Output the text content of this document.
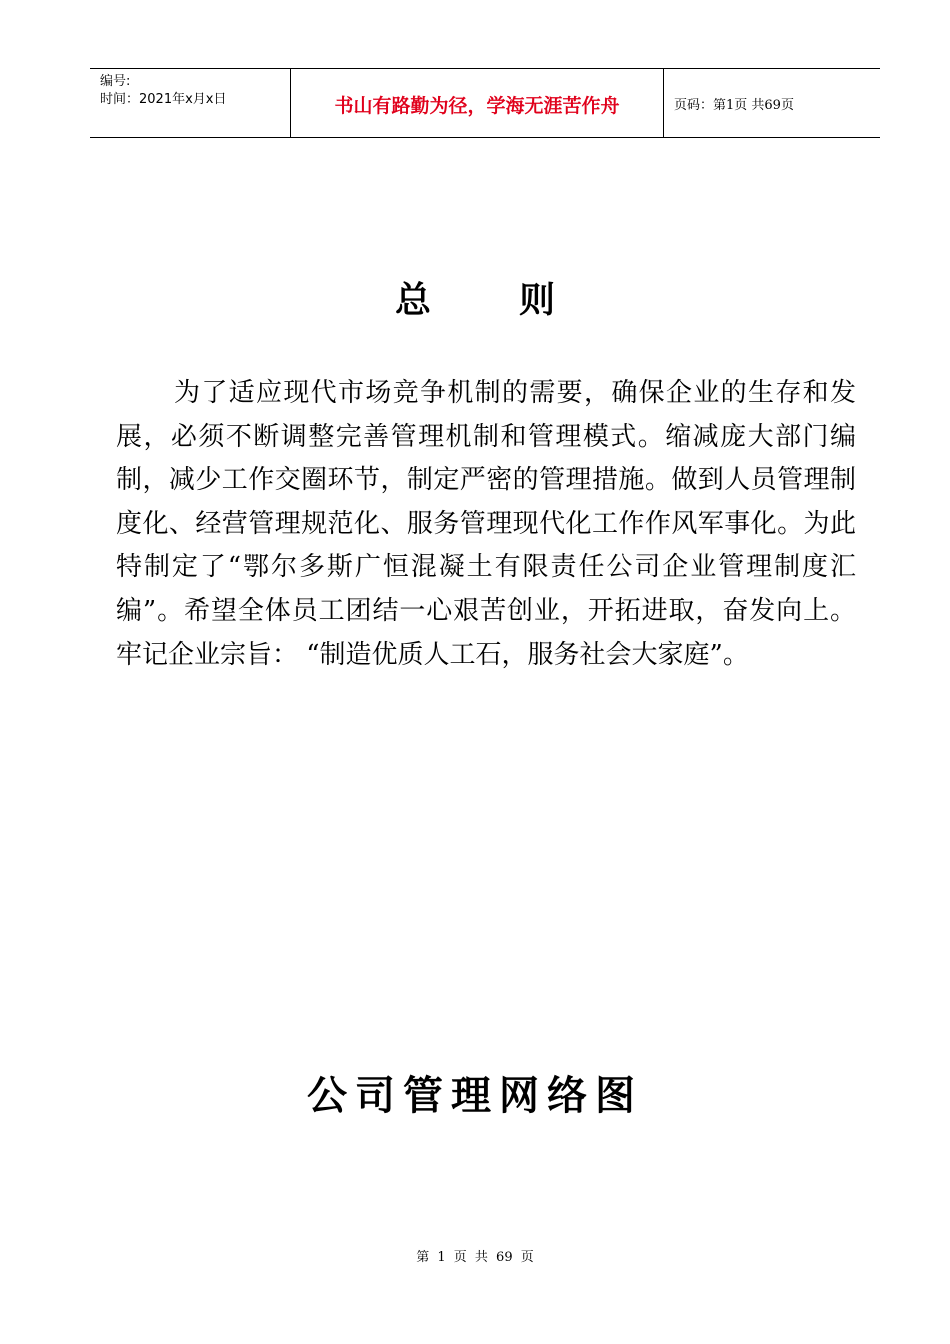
编号:
时间：2021年x月x日	书山有路勤为径，学海无涯苦作舟	页码：第1页 共69页
总则
为了适应现代市场竞争机制的需要，确保企业的生存和发展，必须不断调整完善管理机制和管理模式。缩减庞大部门编制，减少工作交圈环节，制定严密的管理措施。做到人员管理制度化、经营管理规范化、服务管理现代化工作作风军事化。为此特制定了“鄂尔多斯广恒混凝土有限责任公司企业管理制度汇编”。希望全体员工团结一心艰苦创业，开拓进取，奋发向上。牢记企业宗旨： “制造优质人工石，服务社会大家庭”。
公司管理网络图
第 1 页 共 69 页
